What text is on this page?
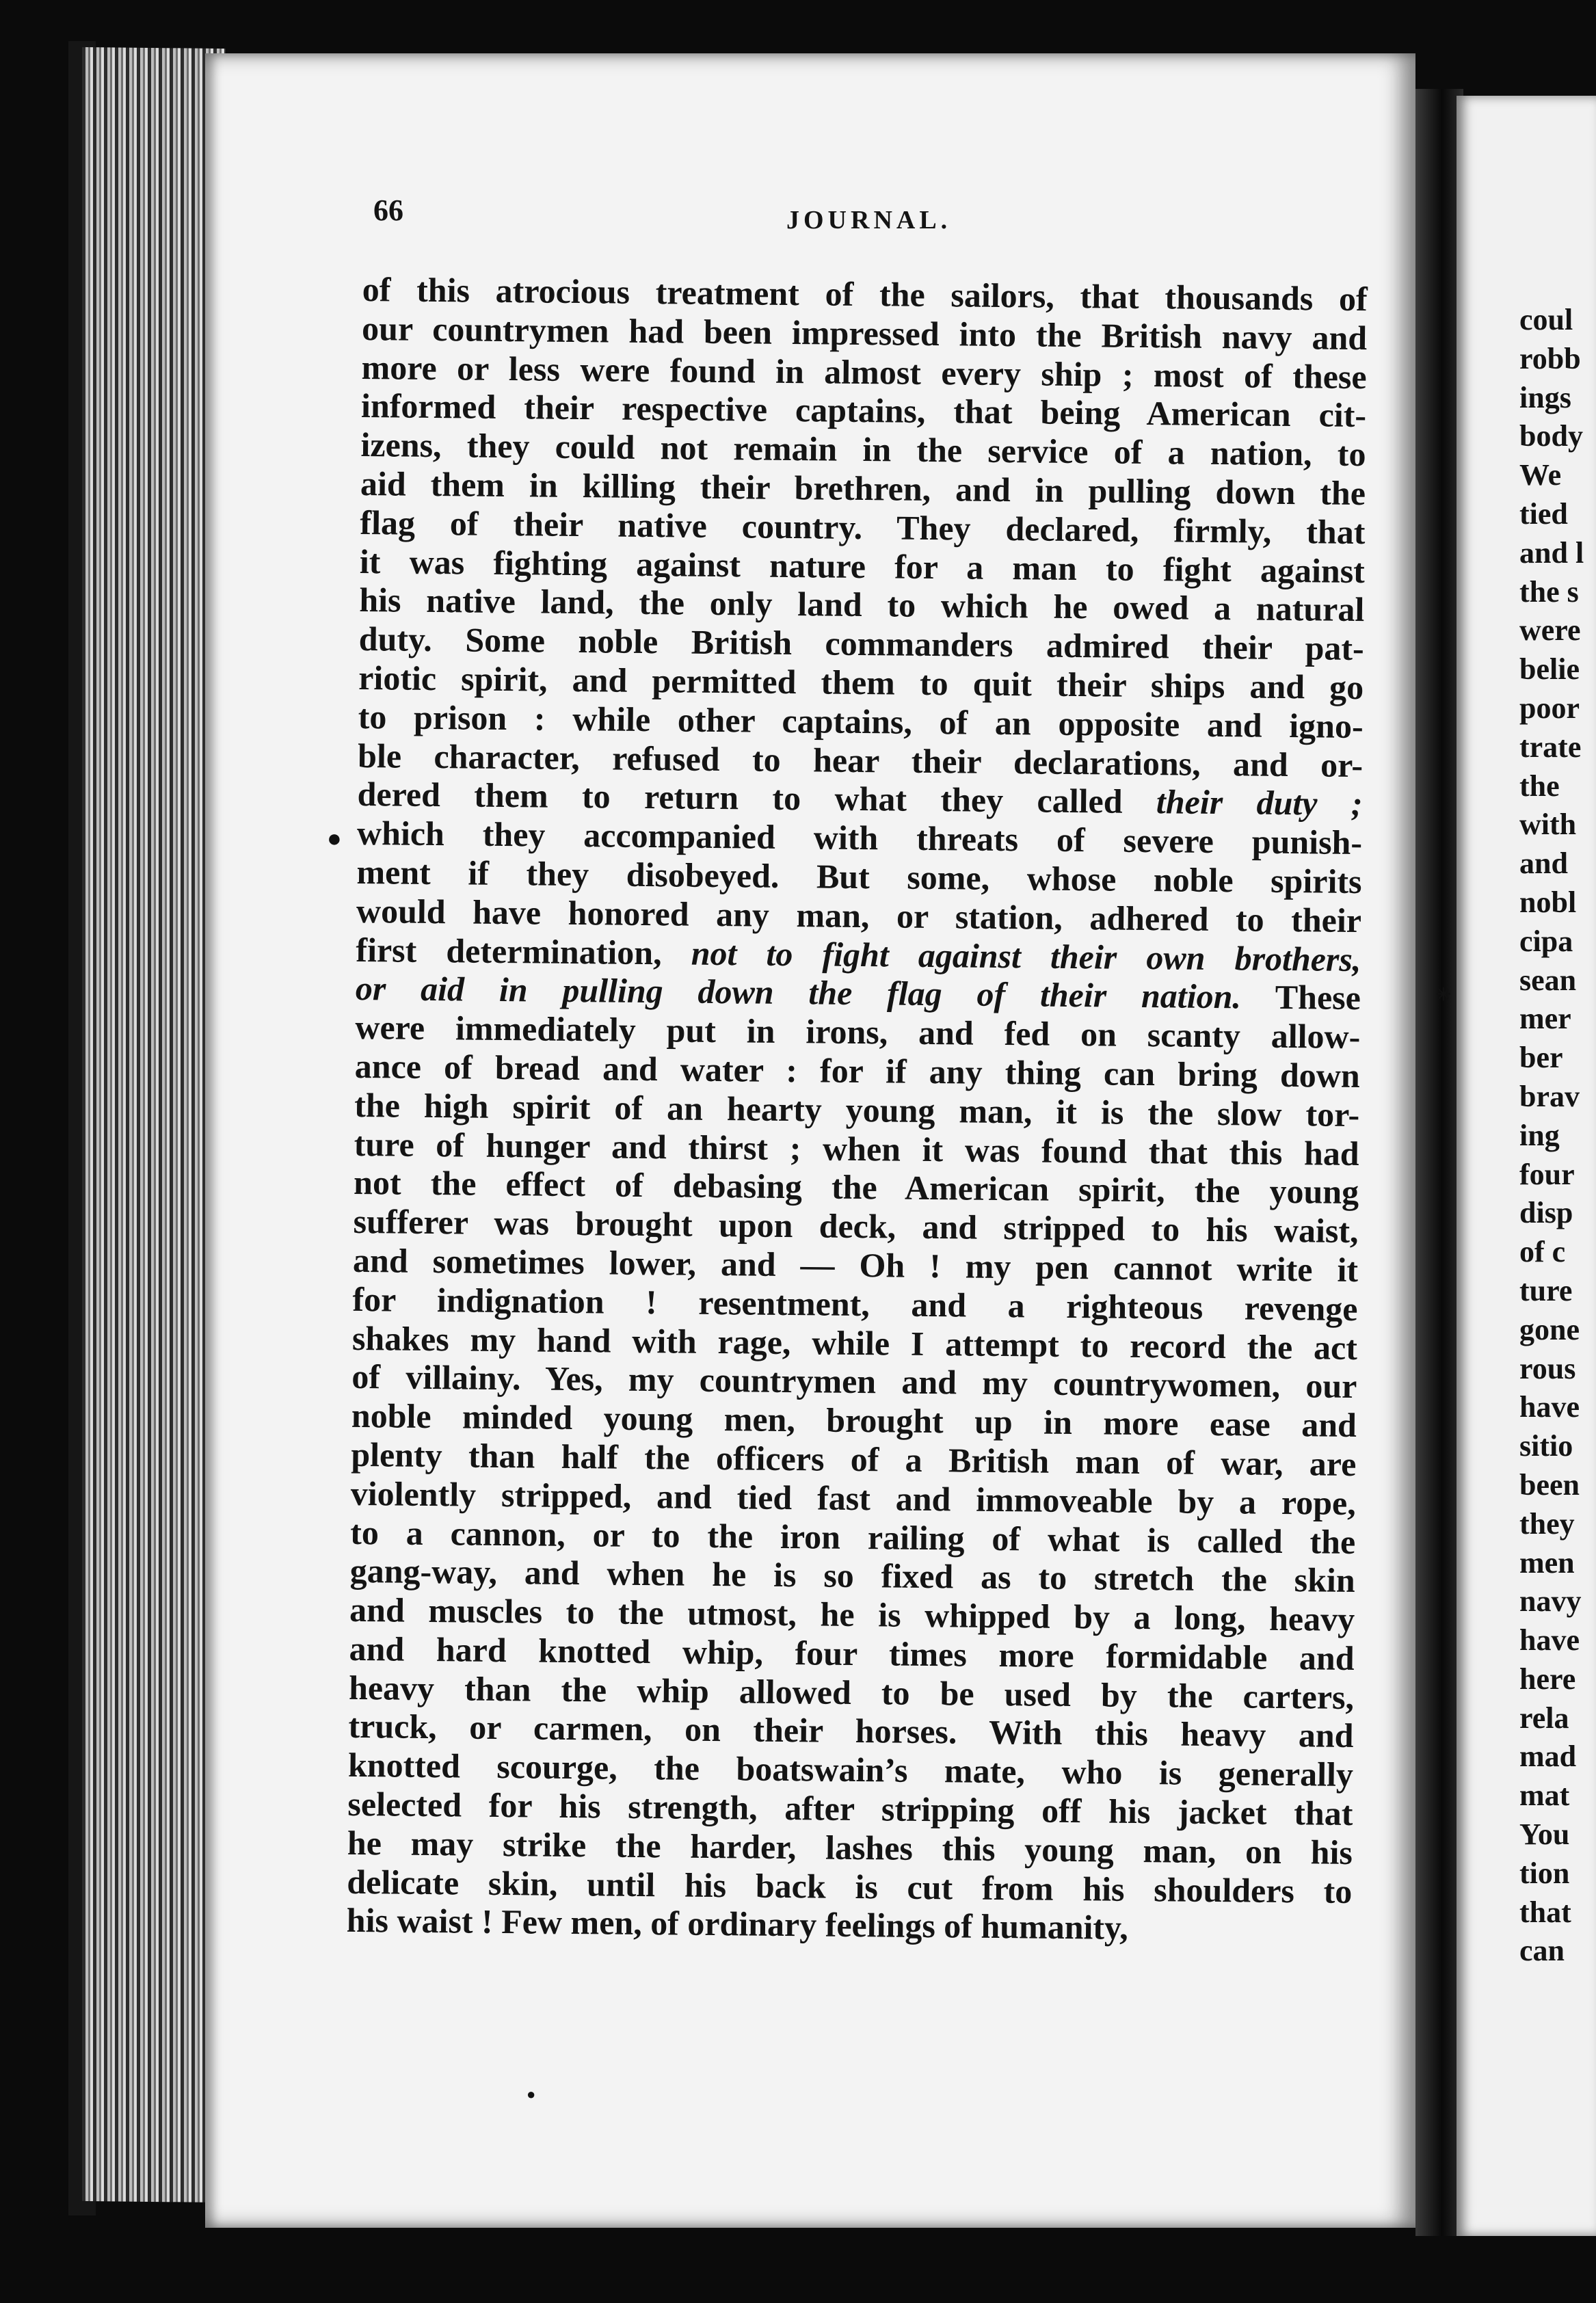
66	JOURNAL.
of this atrocious treatment of the sailors, that thousands of
our countrymen had been impressed into the British navy and
more or less were found in almost every ship ; most of these
informed their respective captains, that being American cit-
izens, they could not remain in the service of a nation, to
aid them in killing their brethren, and in pulling down the
flag of their native country. They declared, firmly, that
it was fighting against nature for a man to fight against
his native land, the only land to which he owed a natural
duty. Some noble British commanders admired their pat-
riotic spirit, and permitted them to quit their ships and go
to prison : while other captains, of an opposite and igno-
ble character, refused to hear their declarations, and or-
dered them to return to what they called their duty ;
which they accompanied with threats of severe punish-
ment if they disobeyed. But some, whose noble spirits
would have honored any man, or station, adhered to their
first determination, not to fight against their own brothers,
or aid in pulling down the flag of their nation. These
were immediately put in irons, and fed on scanty allow-
ance of bread and water : for if any thing can bring down
the high spirit of an hearty young man, it is the slow tor-
ture of hunger and thirst ; when it was found that this had
not the effect of debasing the American spirit, the young
sufferer was brought upon deck, and stripped to his waist,
and sometimes lower, and — Oh ! my pen cannot write it
for indignation ! resentment, and a righteous revenge
shakes my hand with rage, while I attempt to record the act
of villainy. Yes, my countrymen and my countrywomen, our
noble minded young men, brought up in more ease and
plenty than half the officers of a British man of war, are
violently stripped, and tied fast and immoveable by a rope,
to a cannon, or to the iron railing of what is called the
gang-way, and when he is so fixed as to stretch the skin
and muscles to the utmost, he is whipped by a long, heavy
and hard knotted whip, four times more formidable and
heavy than the whip allowed to be used by the carters,
truck, or carmen, on their horses. With this heavy and
knotted scourge, the boatswain’s mate, who is generally
selected for his strength, after stripping off his jacket that
he may strike the harder, lashes this young man, on his
delicate skin, until his back is cut from his shoulders to
his waist ! Few men, of ordinary feelings of humanity,
coul
robb
ings
body
We
tied
and l
the s
were
belie
poor
trate
the
with
and
nobl
cipa
sean
mer
ber
brav
ing
four
disp
of c
ture
gone
rous
have
sitio
been
they
men
navy
have
here
rela
mad
mat
You
tion
that
can
●
✳
●
